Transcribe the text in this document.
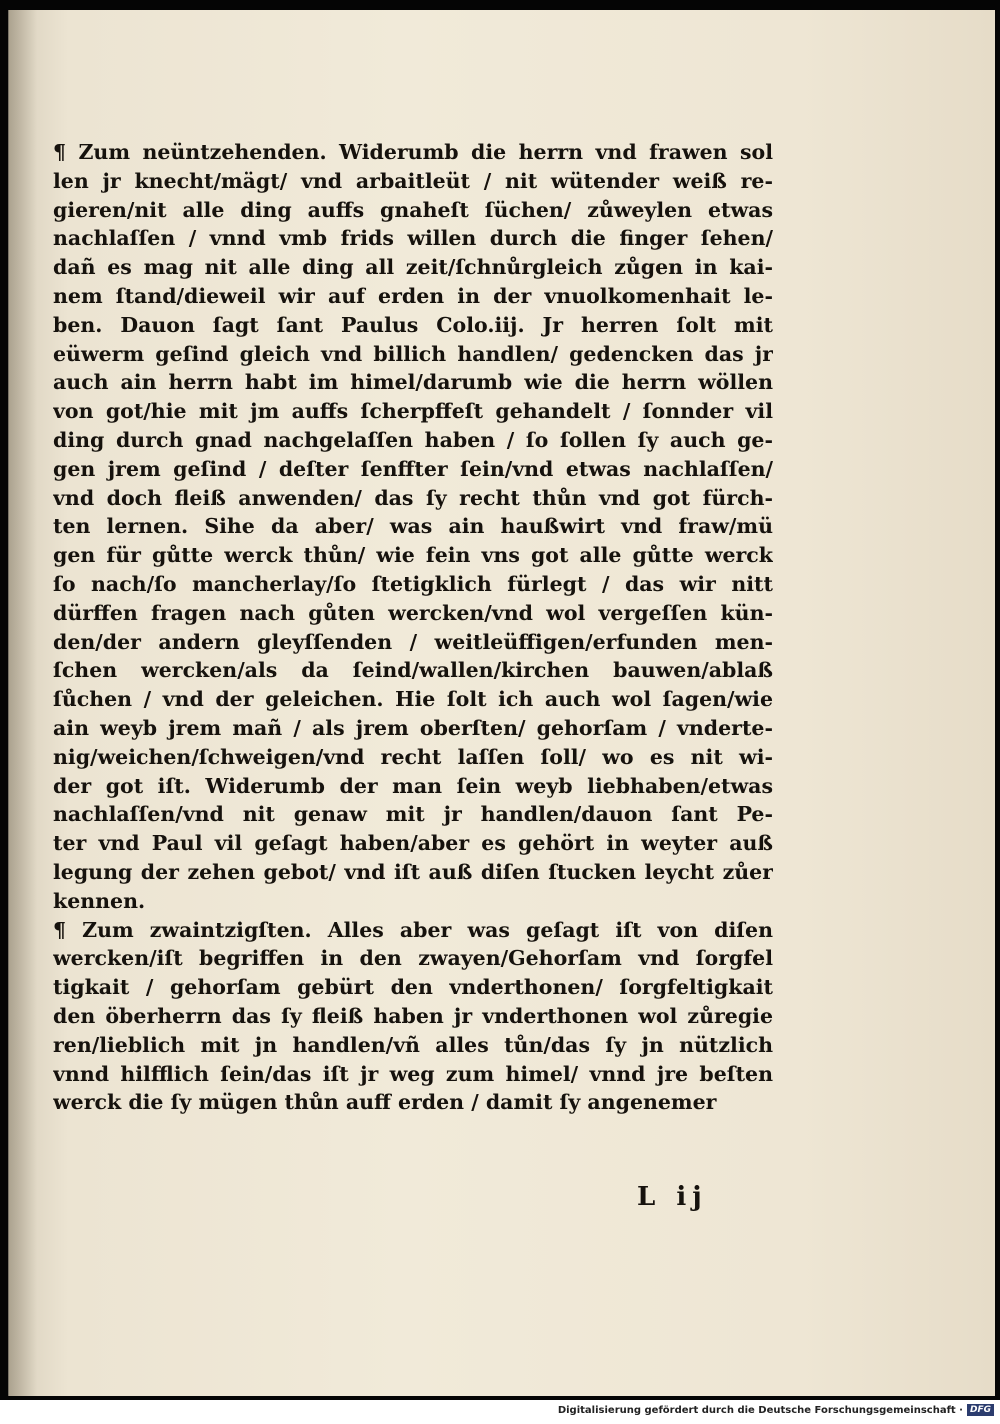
¶ Zum neüntzehenden. Widerumb die herrn vnd frawen sol
len jr knecht/mägt/ vnd arbaitleüt / nit wütender weiß re-
gieren/nit alle ding auffs gnaheſt ſüchen/ zůweylen etwas
nachlaſſen / vnnd vmb frids willen durch die finger ſehen/
dañ es mag nit alle ding all zeit/ſchnůrgleich zůgen in kai-
nem ſtand/dieweil wir auf erden in der vnuolkomenhait le-
ben. Dauon ſagt ſant Paulus Colo.iij. Jr herren ſolt mit
eüwerm geſind gleich vnd billich handlen/ gedencken das jr
auch ain herrn habt im himel/darumb wie die herrn wöllen
von got/hie mit jm auffs ſcherpffeſt gehandelt / ſonnder vil
ding durch gnad nachgelaſſen haben / ſo ſollen ſy auch ge-
gen jrem geſind / deſter ſenffter ſein/vnd etwas nachlaſſen/
vnd doch fleiß anwenden/ das ſy recht thůn vnd got fürch-
ten lernen. Sihe da aber/ was ain haußwirt vnd fraw/mü
gen für gůtte werck thůn/ wie fein vns got alle gůtte werck
ſo nach/ſo mancherlay/ſo ſtetigklich fürlegt / das wir nitt
dürffen fragen nach gůten wercken/vnd wol vergeſſen kün-
den/der andern gleyſſenden / weitleüffigen/erfunden men-
ſchen wercken/als da ſeind/wallen/kirchen bauwen/ablaß
ſůchen / vnd der geleichen. Hie ſolt ich auch wol ſagen/wie
ain weyb jrem mañ / als jrem oberſten/ gehorſam / vnderte-
nig/weichen/ſchweigen/vnd recht laſſen ſoll/ wo es nit wi-
der got iſt. Widerumb der man ſein weyb liebhaben/etwas
nachlaſſen/vnd nit genaw mit jr handlen/dauon ſant Pe-
ter vnd Paul vil geſagt haben/aber es gehört in weyter auß
legung der zehen gebot/ vnd iſt auß diſen ſtucken leycht zůer
kennen.
¶ Zum zwaintzigſten. Alles aber was geſagt iſt von diſen
wercken/iſt begriffen in den zwayen/Gehorſam vnd ſorgfel
tigkait / gehorſam gebürt den vnderthonen/ ſorgfeltigkait
den öberherrn das ſy fleiß haben jr vnderthonen wol zůregie
ren/lieblich mit jn handlen/vñ alles tůn/das ſy jn nützlich
vnnd hilfflich ſein/das iſt jr weg zum himel/ vnnd jre beſten
werck die ſy mügen thůn auff erden / damit ſy angenemer
L ij
Digitalisierung gefördert durch die Deutsche Forschungsgemeinschaft · DFG
